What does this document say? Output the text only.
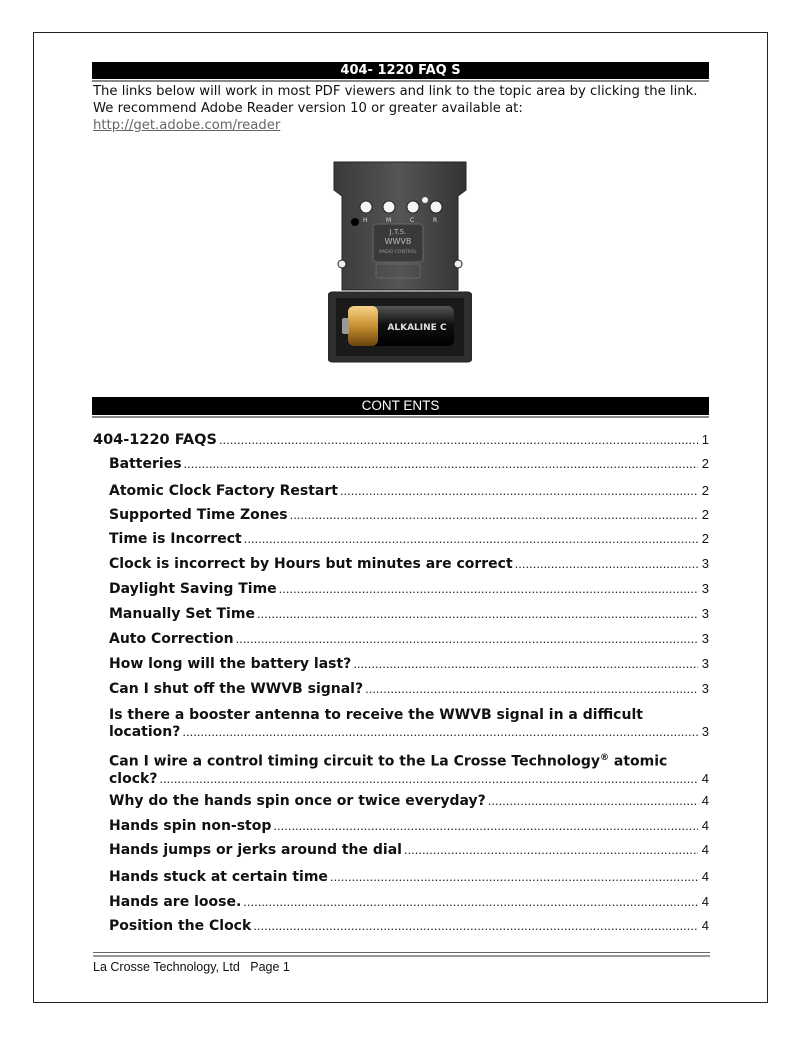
404- 1220 FAQ S

The links below will work in most PDF viewers and link to the topic area by clicking the link.

We recommend Adobe Reader version 10 or greater available at:

http://get.adobe.com/reader

H	M	C	R
J.T.S.
WWVB
RADIO CONTROL
ALKALINE C
CONT ENTS
404-1220 FAQS .....	1
Batteries .....	2
Atomic Clock Factory Restart .....	2
Supported Time Zones .....	2
Time is Incorrect .....	2
Clock is incorrect by Hours but minutes are correct .....	3
Daylight Saving Time .....	3
Manually Set Time .....	3
Auto Correction .....	3
How long will the battery last? .....	3
Can I shut off the WWVB signal? .....	3
Is there a booster antenna to receive the WWVB signal in a difficult
location? .....	3
Can I wire a control timing circuit to the La Crosse Technology® atomic
clock? .....	4
Why do the hands spin once or twice everyday? .....	4
Hands spin non-stop .....	4
Hands jumps or jerks around the dial .....	4
Hands stuck at certain time .....	4
Hands are loose. .....	4
Position the Clock .....	4
La Crosse Technology, Ltd   Page 1
